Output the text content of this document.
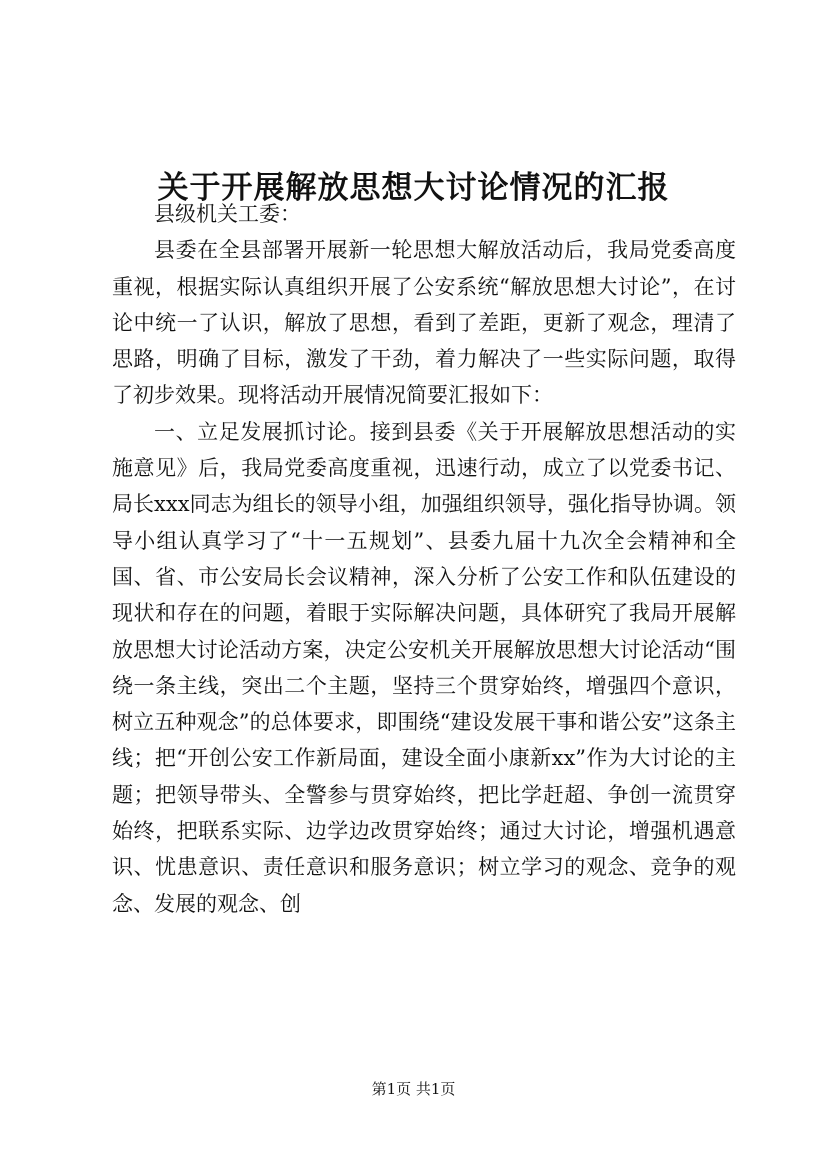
关于开展解放思想大讨论情况的汇报

县级机关工委：

县委在全县部署开展新一轮思想大解放活动后，我局党委高度重视，根据实际认真组织开展了公安系统“解放思想大讨论”，在讨论中统一了认识，解放了思想，看到了差距，更新了观念，理清了思路，明确了目标，激发了干劲，着力解决了一些实际问题，取得了初步效果。现将活动开展情况简要汇报如下：

一、立足发展抓讨论。接到县委《关于开展解放思想活动的实施意见》后，我局党委高度重视，迅速行动，成立了以党委书记、局长xxx同志为组长的领导小组，加强组织领导，强化指导协调。领导小组认真学习了“十一五规划”、县委九届十九次全会精神和全国、省、市公安局长会议精神，深入分析了公安工作和队伍建设的现状和存在的问题，着眼于实际解决问题，具体研究了我局开展解放思想大讨论活动方案，决定公安机关开展解放思想大讨论活动“围绕一条主线，突出二个主题，坚持三个贯穿始终，增强四个意识，树立五种观念”的总体要求，即围绕“建设发展干事和谐公安”这条主线；把“开创公安工作新局面，建设全面小康新xx”作为大讨论的主题；把领导带头、全警参与贯穿始终，把比学赶超、争创一流贯穿始终，把联系实际、边学边改贯穿始终；通过大讨论，增强机遇意识、忧患意识、责任意识和服务意识；树立学习的观念、竞争的观念、发展的观念、创

第1页 共1页
